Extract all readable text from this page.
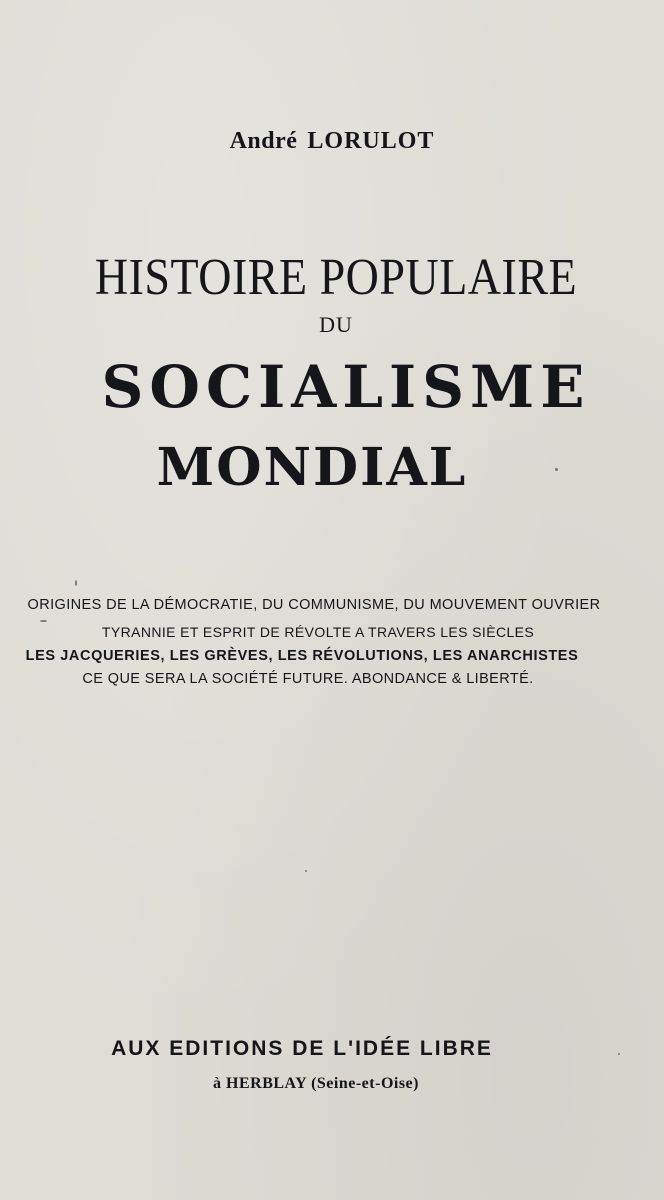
André LORULOT
HISTOIRE POPULAIRE
DU
SOCIALISME
MONDIAL
ORIGINES DE LA DÉMOCRATIE, DU COMMUNISME, DU MOUVEMENT OUVRIER
TYRANNIE ET ESPRIT DE RÉVOLTE A TRAVERS LES SIÈCLES
LES JACQUERIES, LES GRÈVES, LES RÉVOLUTIONS, LES ANARCHISTES
CE QUE SERA LA SOCIÉTÉ FUTURE. ABONDANCE & LIBERTÉ.
AUX EDITIONS DE L'IDÉE LIBRE
à HERBLAY (Seine-et-Oise)
